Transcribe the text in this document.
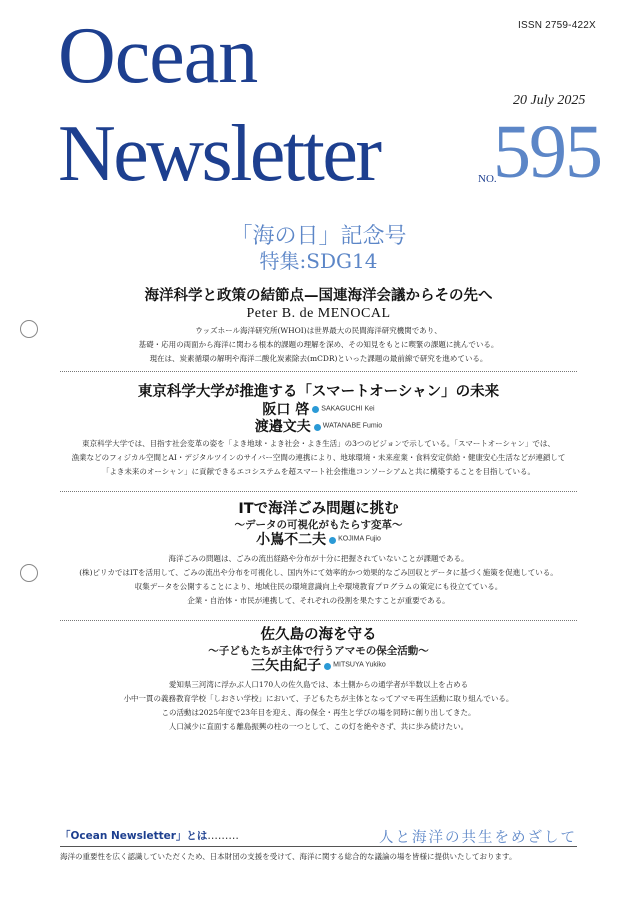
ISSN 2759-422X
Ocean
20 July 2025
Newsletter	NO.
595
「海の日」記念号
特集:SDG14
海洋科学と政策の結節点—国連海洋会議からその先へ
Peter B. de MENOCAL
ウッズホール海洋研究所(WHOI)は世界最大の民間海洋研究機関であり、
基礎・応用の両面から海洋に関わる根本的課題の理解を深め、その知見をもとに喫緊の課題に挑んでいる。
現在は、炭素循環の解明や海洋二酸化炭素除去(mCDR)といった課題の最前線で研究を進めている。
東京科学大学が推進する「スマートオーシャン」の未来
阪口 啓 SAKAGUCHI Kei
渡邉文夫 WATANABE Fumio
東京科学大学では、目指す社会変革の姿を「よき地球・よき社会・よき生活」の3つのビジョンで示している。「スマートオーシャン」では、
漁業などのフィジカル空間とAI・デジタルツインのサイバー空間の連携により、地球環境・未来産業・食料安定供給・健康安心生活などが連鎖して
「よき未来のオーシャン」に貢献できるエコシステムを超スマート社会推進コンソーシアムと共に構築することを目指している。
ITで海洋ごみ問題に挑む
〜データの可視化がもたらす変革〜
小嶌不二夫 KOJIMA Fujio
海洋ごみの問題は、ごみの流出経路や分布が十分に把握されていないことが課題である。
(株)ピリカではITを活用して、ごみの流出や分布を可視化し、国内外にて効率的かつ効果的なごみ回収とデータに基づく施策を促進している。
収集データを公開することにより、地域住民の環境意識向上や環境教育プログラムの策定にも役立てている。
企業・自治体・市民が連携して、それぞれの役割を果たすことが重要である。
佐久島の海を守る
〜子どもたちが主体で行うアマモの保全活動〜
三矢由紀子 MITSUYA Yukiko
愛知県三河湾に浮かぶ人口170人の佐久島では、本土側からの通学者が半数以上を占める
小中一貫の義務教育学校「しおさい学校」において、子どもたちが主体となってアマモ再生活動に取り組んでいる。
この活動は2025年度で23年目を迎え、海の保全・再生と学びの場を同時に創り出してきた。
人口減少に直面する離島振興の柱の一つとして、この灯を絶やさず、共に歩み続けたい。
「Ocean Newsletter」とは………	人と海洋の共生をめざして
海洋の重要性を広く認識していただくため、日本財団の支援を受けて、海洋に関する総合的な議論の場を皆様に提供いたしております。
